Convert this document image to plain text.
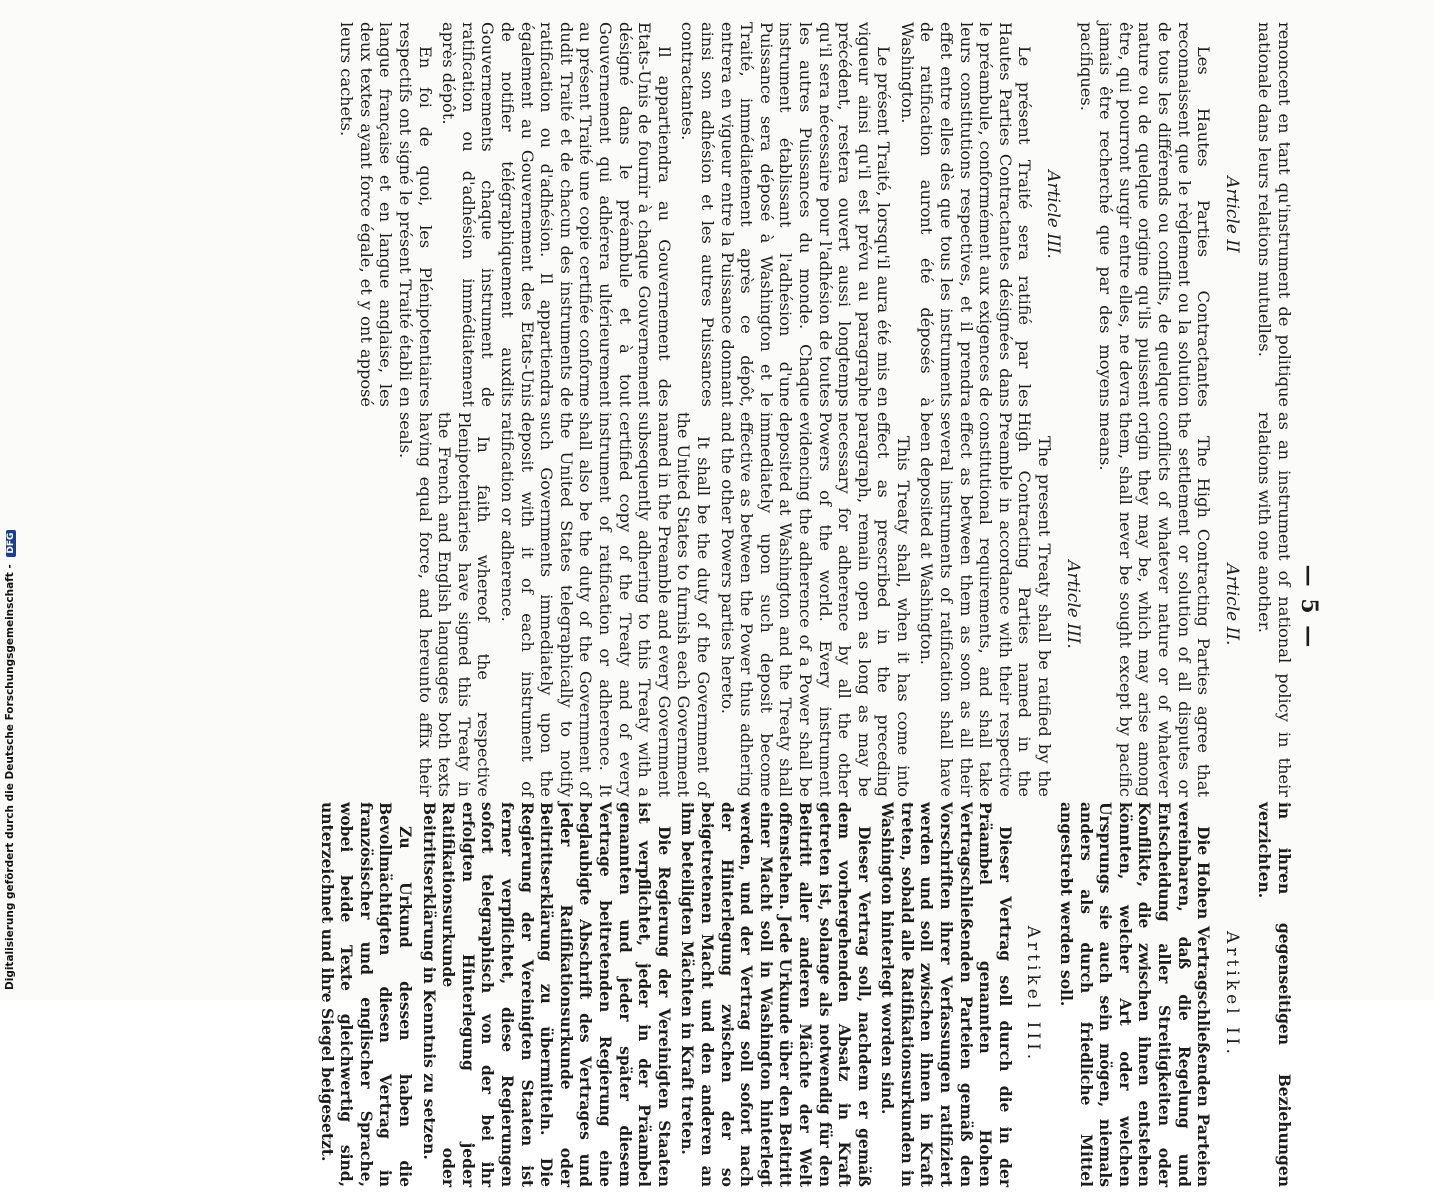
— 5 —

renoncent en tant qu'instrument de politique nationale dans leurs relations mutuelles.

Article II

Les Hautes Parties Contractantes reconnaissent que le règlement ou la solution de tous les différends ou conflits, de quelque nature ou de quelque origine qu'ils puissent être, qui pourront surgir entre elles, ne devra jamais être recherché que par des moyens pacifiques.

Article III.

Le présent Traité sera ratifié par les Hautes Parties Contractantes désignées dans le préambule, conformément aux exigences de leurs constitutions respectives, et il prendra effet entre elles dès que tous les instruments de ratification auront été déposés à Washington.

Le présent Traité, lorsqu'il aura été mis en vigueur ainsi qu'il est prévu au paragraphe précédent, restera ouvert aussi longtemps qu'il sera nécessaire pour l'adhésion de toutes les autres Puissances du monde. Chaque instrument établissant l'adhésion d'une Puissance sera déposé à Washington et le Traité, immédiatement après ce dépôt, entrera en vigueur entre la Puissance donnant ainsi son adhésion et les autres Puissances contractantes.

Il appartiendra au Gouvernement des Etats-Unis de fournir à chaque Gouvernement désigné dans le préambule et à tout Gouvernement qui adhérera ultérieurement au présent Traité une copie certifiée conforme dudit Traité et de chacun des instruments de ratification ou d'adhésion. Il appartiendra également au Gouvernement des Etats-Unis de notifier télégraphiquement auxdits Gouvernements chaque instrument de ratification ou d'adhésion immédiatement après dépôt.

En foi de quoi, les Plénipotentiaires respectifs ont signé le présent Traité établi en langue française et en langue anglaise, les deux textes ayant force égale, et y ont apposé leurs cachets.

as an instrument of national policy in their relations with one another.

Article II.

The High Contracting Parties agree that the settlement or solution of all disputes or conflicts of whatever nature or of whatever origin they may be, which may arise among them, shall never be sought except by pacific means.

Article III.

The present Treaty shall be ratified by the High Contracting Parties named in the Preamble in accordance with their respective constitutional requirements, and shall take effect as between them as soon as all their several instruments of ratification shall have been deposited at Washington.

This Treaty shall, when it has come into effect as prescribed in the preceding paragraph, remain open as long as may be necessary for adherence by all the other Powers of the world. Every instrument evidencing the adherence of a Power shall be deposited at Washington and the Treaty shall immediately upon such deposit become effective as between the Power thus adhering and the other Powers parties hereto.

It shall be the duty of the Government of the United States to furnish each Government named in the Preamble and every Government subsequently adhering to this Treaty with a certified copy of the Treaty and of every instrument of ratification or adherence. It shall also be the duty of the Government of the United States telegraphically to notify such Governments immediately upon the deposit with it of each instrument of ratification or adherence.

In faith whereof the respective Plenipotentiaries have signed this Treaty in the French and English languages both texts having equal force, and hereunto affix their seals.

in ihren gegenseitigen Beziehungen verzichten.

Artikel II.

Die Hohen Vertragschließenden Parteien vereinbaren, daß die Regelung und Entscheidung aller Streitigkeiten oder Konflikte, die zwischen ihnen entstehen könnten, welcher Art oder welchen Ursprungs sie auch sein mögen, niemals anders als durch friedliche Mittel angestrebt werden soll.

Artikel III.

Dieser Vertrag soll durch die in der Präambel genannten Hohen Vertragschließenden Parteien gemäß den Vorschriften ihrer Verfassungen ratifiziert werden und soll zwischen ihnen in Kraft treten, sobald alle Ratifikationsurkunden in Washington hinterlegt worden sind.

Dieser Vertrag soll, nachdem er gemäß dem vorhergehenden Absatz in Kraft getreten ist, solange als notwendig für den Beitritt aller anderen Mächte der Welt offenstehen. Jede Urkunde über den Beitritt einer Macht soll in Washington hinterlegt werden, und der Vertrag soll sofort nach der Hinterlegung zwischen der so beigetretenen Macht und den anderen an ihm beteiligten Mächten in Kraft treten.

Die Regierung der Vereinigten Staaten ist verpflichtet, jeder in der Präambel genannten und jeder später diesem Vertrage beitretenden Regierung eine beglaubigte Abschrift des Vertrages und jeder Ratifikationsurkunde oder Beitrittserklärung zu übermitteln. Die Regierung der Vereinigten Staaten ist ferner verpflichtet, diese Regierungen sofort telegraphisch von der bei ihr erfolgten Hinterlegung jeder Ratifikationsurkunde oder Beitrittserklärung in Kenntnis zu setzen.

Zu Urkund dessen haben die Bevollmächtigten diesen Vertrag in französischer und englischer Sprache, wobei beide Texte gleichwertig sind, unterzeichnet und ihre Siegel beigesetzt.

Digitalisierung gefördert durch die Deutsche Forschungsgemeinschaft - DFG
